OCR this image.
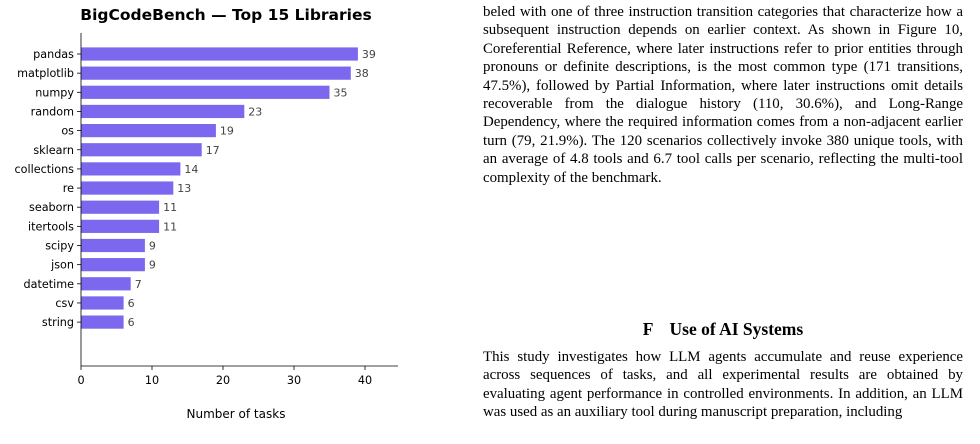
BigCodeBench — Top 15 Libraries
39
38
35
23
19
17
14
13
11
11
9
9
7
6
6
pandas
matplotlib
numpy
random
os
sklearn
collections
re
seaborn
itertools
scipy
json
datetime
csv
string
0	10	20	30	40
Number of tasks

beled with one of three instruction transition categories that characterize how a subsequent instruction depends on earlier context. As shown in Figure 10, Coreferential Reference, where later instructions refer to prior entities through pronouns or definite descriptions, is the most common type (171 transitions, 47.5%), followed by Partial Information, where later instructions omit details recoverable from the dialogue history (110, 30.6%), and Long-Range Dependency, where the required information comes from a non-adjacent earlier turn (79, 21.9%). The 120 scenarios collectively invoke 380 unique tools, with an average of 4.8 tools and 6.7 tool calls per scenario, reflecting the multi-tool complexity of the benchmark.

F Use of AI Systems

This study investigates how LLM agents accumulate and reuse experience across sequences of tasks, and all experimental results are obtained by evaluating agent performance in controlled environments. In addition, an LLM was used as an auxiliary tool during manuscript preparation, including
